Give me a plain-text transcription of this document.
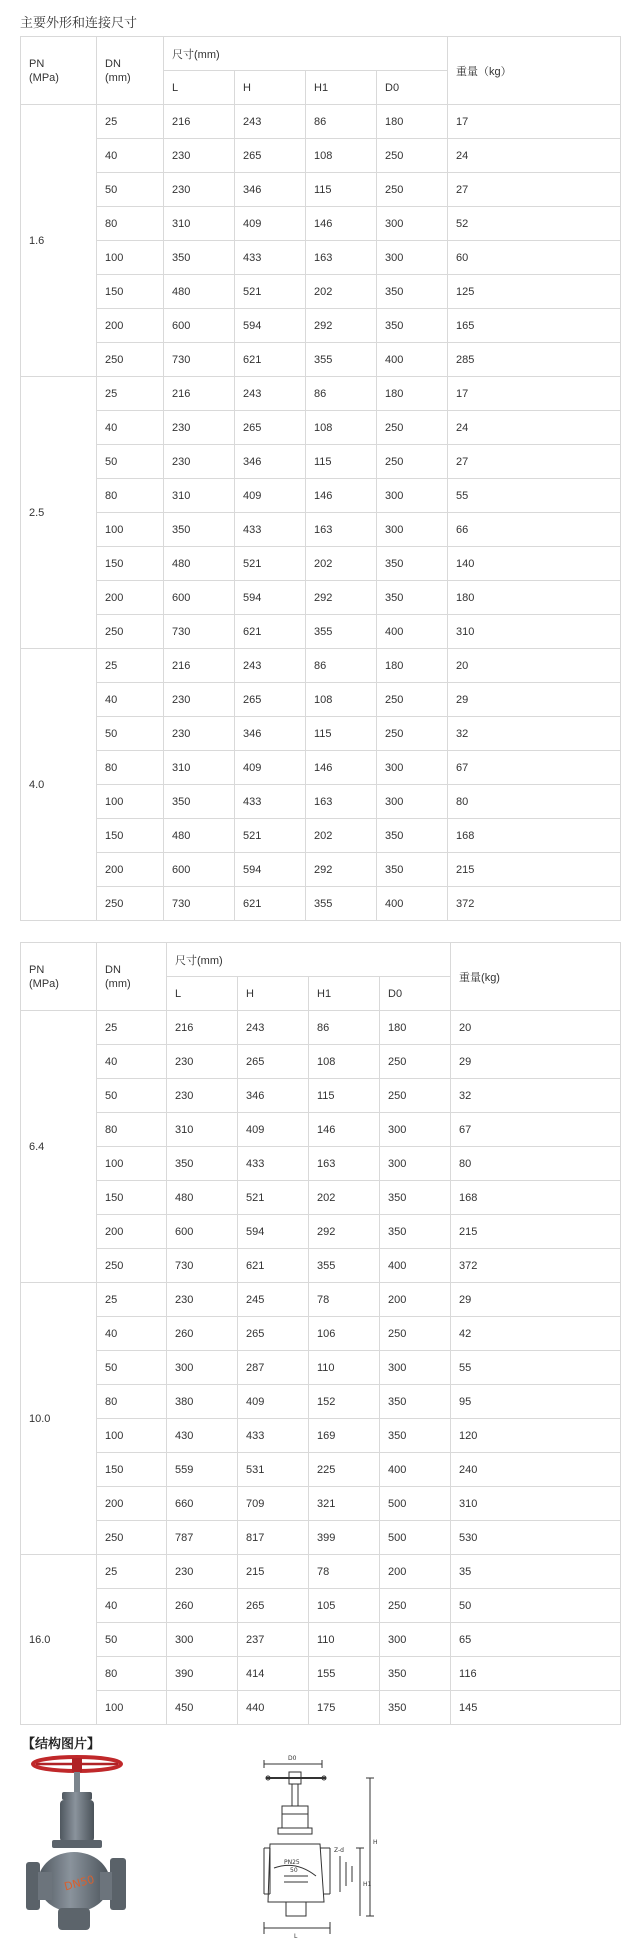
主要外形和连接尺寸
PN
(MPa)	DN
(mm)	尺寸(mm)				重量（kg）
		L	H	H1	D0	
1.6	25	216	243	86	180	17
	40	230	265	108	250	24
	50	230	346	115	250	27
	80	310	409	146	300	52
	100	350	433	163	300	60
	150	480	521	202	350	125
	200	600	594	292	350	165
	250	730	621	355	400	285
2.5	25	216	243	86	180	17
	40	230	265	108	250	24
	50	230	346	115	250	27
	80	310	409	146	300	55
	100	350	433	163	300	66
	150	480	521	202	350	140
	200	600	594	292	350	180
	250	730	621	355	400	310
4.0	25	216	243	86	180	20
	40	230	265	108	250	29
	50	230	346	115	250	32
	80	310	409	146	300	67
	100	350	433	163	300	80
	150	480	521	202	350	168
	200	600	594	292	350	215
	250	730	621	355	400	372
PN
(MPa)	DN
(mm)	尺寸(mm)				重量(kg)
		L	H	H1	D0	
6.4	25	216	243	86	180	20
	40	230	265	108	250	29
	50	230	346	115	250	32
	80	310	409	146	300	67
	100	350	433	163	300	80
	150	480	521	202	350	168
	200	600	594	292	350	215
	250	730	621	355	400	372
10.0	25	230	245	78	200	29
	40	260	265	106	250	42
	50	300	287	110	300	55
	80	380	409	152	350	95
	100	430	433	169	350	120
	150	559	531	225	400	240
	200	660	709	321	500	310
	250	787	817	399	500	530
16.0	25	230	215	78	200	35
	40	260	265	105	250	50
	50	300	237	110	300	65
	80	390	414	155	350	116
	100	450	440	175	350	145
【结构图片】
DN50
D0
H
H1
L
Z-d
PN25
50
